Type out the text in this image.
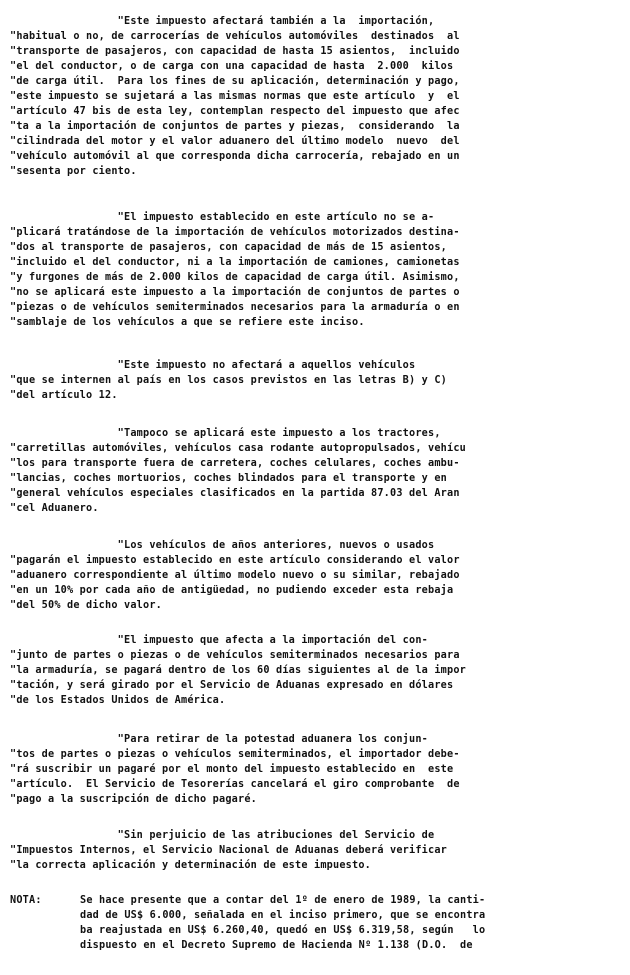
"Este impuesto afectará también a la  importación,
"habitual o no, de carrocerías de vehículos automóviles  destinados  al
"transporte de pasajeros, con capacidad de hasta 15 asientos,  incluido
"el del conductor, o de carga con una capacidad de hasta  2.000  kilos
"de carga útil.  Para los fines de su aplicación, determinación y pago,
"este impuesto se sujetará a las mismas normas que este artículo  y  el
"artículo 47 bis de esta ley, contemplan respecto del impuesto que afec
"ta a la importación de conjuntos de partes y piezas,  considerando  la
"cilindrada del motor y el valor aduanero del último modelo  nuevo  del
"vehículo automóvil al que corresponda dicha carrocería, rebajado en un
"sesenta por ciento.
"El impuesto establecido en este artículo no se a-
"plicará tratándose de la importación de vehículos motorizados destina-
"dos al transporte de pasajeros, con capacidad de más de 15 asientos,
"incluido el del conductor, ni a la importación de camiones, camionetas
"y furgones de más de 2.000 kilos de capacidad de carga útil. Asimismo,
"no se aplicará este impuesto a la importación de conjuntos de partes o
"piezas o de vehículos semiterminados necesarios para la armaduría o en
"samblaje de los vehículos a que se refiere este inciso.
"Este impuesto no afectará a aquellos vehículos
"que se internen al país en los casos previstos en las letras B) y C)
"del artículo 12.
"Tampoco se aplicará este impuesto a los tractores,
"carretillas automóviles, vehículos casa rodante autopropulsados, vehícu
"los para transporte fuera de carretera, coches celulares, coches ambu-
"lancias, coches mortuorios, coches blindados para el transporte y en
"general vehículos especiales clasificados en la partida 87.03 del Aran
"cel Aduanero.
"Los vehículos de años anteriores, nuevos o usados
"pagarán el impuesto establecido en este artículo considerando el valor
"aduanero correspondiente al último modelo nuevo o su similar, rebajado
"en un 10% por cada año de antigüedad, no pudiendo exceder esta rebaja
"del 50% de dicho valor.
"El impuesto que afecta a la importación del con-
"junto de partes o piezas o de vehículos semiterminados necesarios para
"la armaduría, se pagará dentro de los 60 días siguientes al de la impor
"tación, y será girado por el Servicio de Aduanas expresado en dólares
"de los Estados Unidos de América.
"Para retirar de la potestad aduanera los conjun-
"tos de partes o piezas o vehículos semiterminados, el importador debe-
"rá suscribir un pagaré por el monto del impuesto establecido en  este
"artículo.  El Servicio de Tesorerías cancelará el giro comprobante  de
"pago a la suscripción de dicho pagaré.
"Sin perjuicio de las atribuciones del Servicio de
"Impuestos Internos, el Servicio Nacional de Aduanas deberá verificar
"la correcta aplicación y determinación de este impuesto.
NOTA:	Se hace presente que a contar del 1º de enero de 1989, la canti-
dad de US$ 6.000, señalada en el inciso primero, que se encontra
ba reajustada en US$ 6.260,40, quedó en US$ 6.319,58, según   lo
dispuesto en el Decreto Supremo de Hacienda Nº 1.138 (D.O.  de
